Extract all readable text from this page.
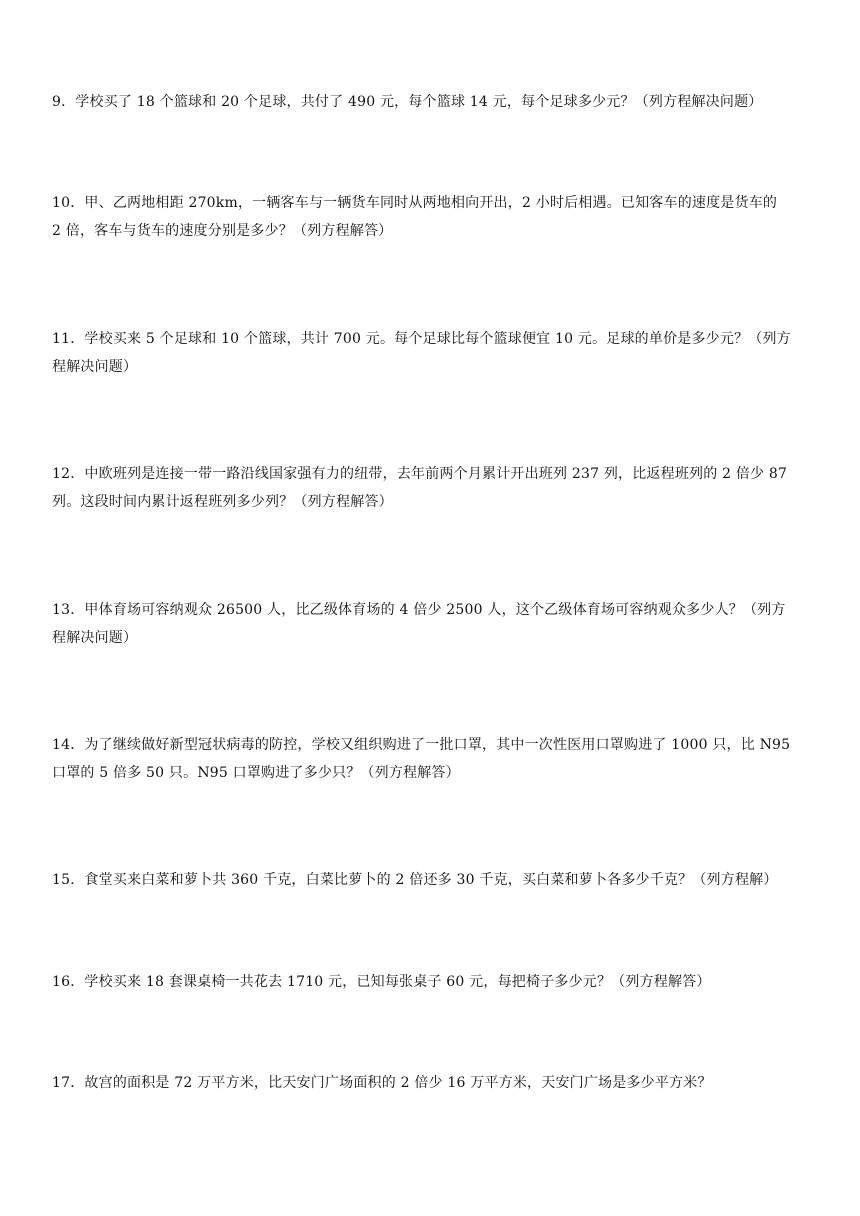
9．学校买了 18 个篮球和 20 个足球，共付了 490 元，每个篮球 14 元，每个足球多少元？（列方程解决问题）

10．甲、乙两地相距 270km，一辆客车与一辆货车同时从两地相向开出，2 小时后相遇。已知客车的速度是货车的

2 倍，客车与货车的速度分别是多少？（列方程解答）

11．学校买来 5 个足球和 10 个篮球，共计 700 元。每个足球比每个篮球便宜 10 元。足球的单价是多少元？（列方

程解决问题）

12．中欧班列是连接一带一路沿线国家强有力的纽带，去年前两个月累计开出班列 237 列，比返程班列的 2 倍少 87

列。这段时间内累计返程班列多少列？（列方程解答）

13．甲体育场可容纳观众 26500 人，比乙级体育场的 4 倍少 2500 人，这个乙级体育场可容纳观众多少人？（列方

程解决问题）

14．为了继续做好新型冠状病毒的防控，学校又组织购进了一批口罩，其中一次性医用口罩购进了 1000 只，比 N95

口罩的 5 倍多 50 只。N95 口罩购进了多少只？（列方程解答）

15．食堂买来白菜和萝卜共 360 千克，白菜比萝卜的 2 倍还多 30 千克，买白菜和萝卜各多少千克？（列方程解）

16．学校买来 18 套课桌椅一共花去 1710 元，已知每张桌子 60 元，每把椅子多少元？（列方程解答）

17．故宫的面积是 72 万平方米，比天安门广场面积的 2 倍少 16 万平方米，天安门广场是多少平方米？
